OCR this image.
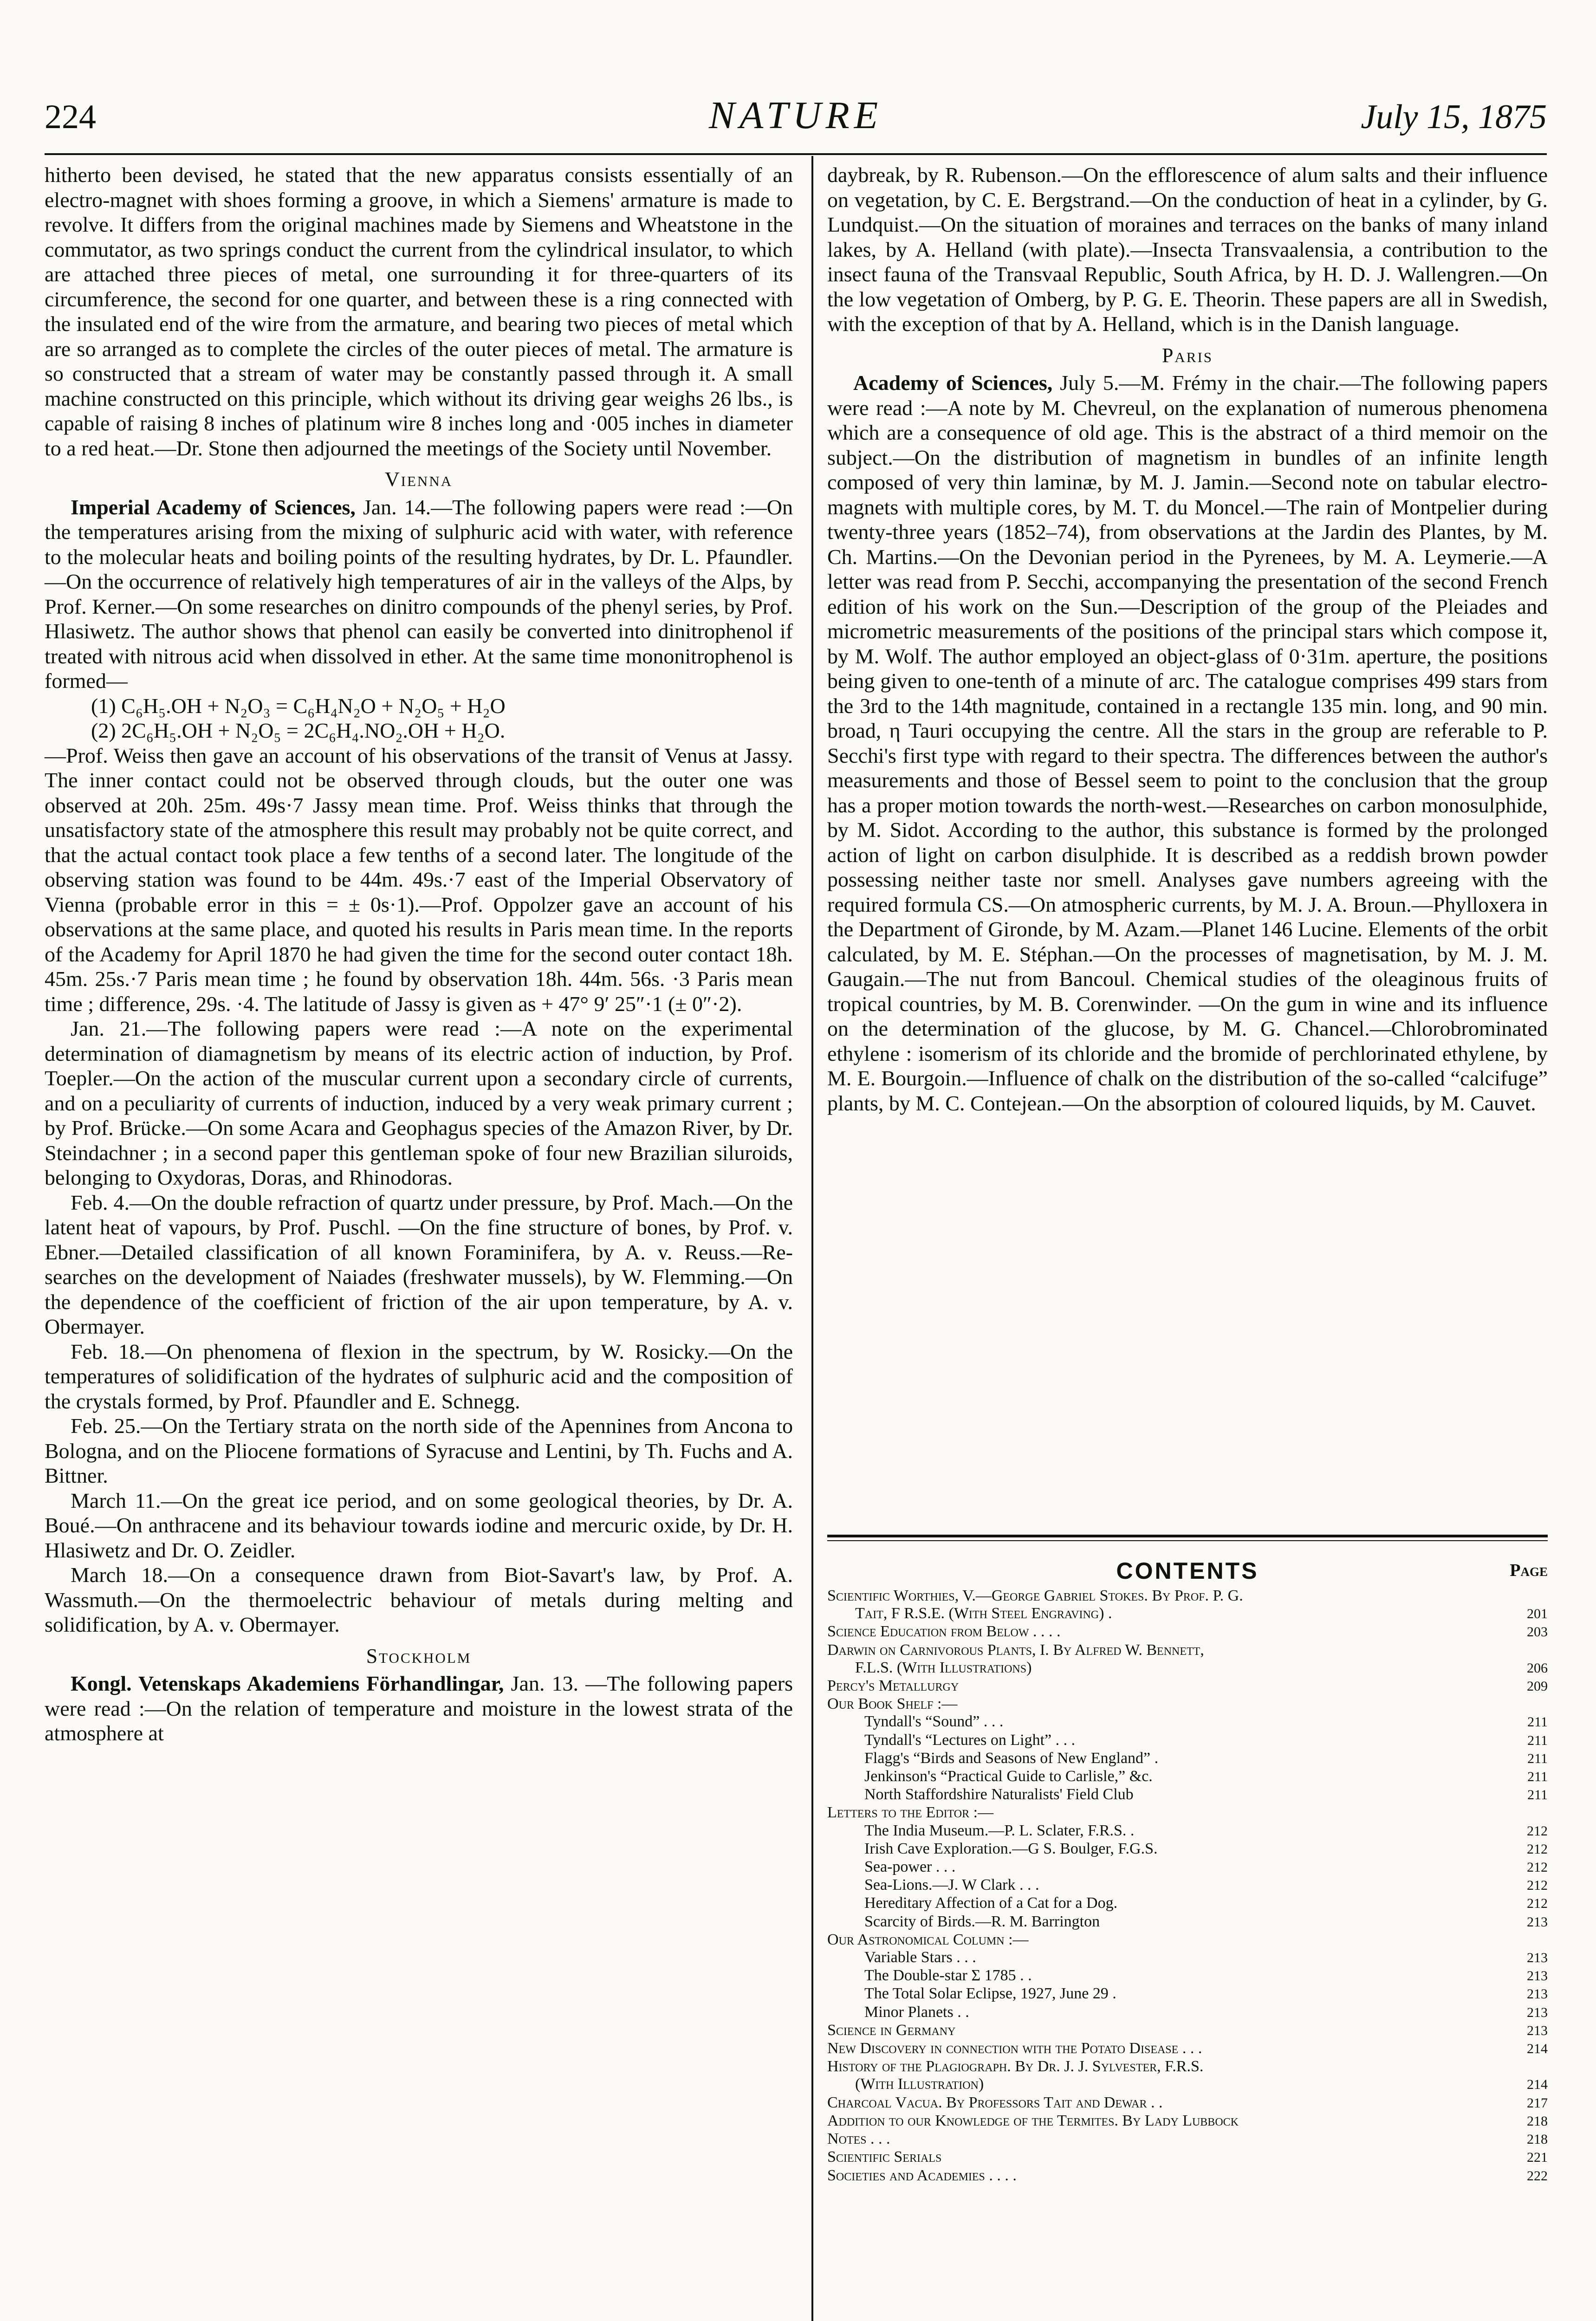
224	NATURE	July 15, 1875

hitherto been devised, he stated that the new apparatus consists essentially of an electro-magnet with shoes forming a groove, in which a Siemens' armature is made to revolve. It differs from the original machines made by Siemens and Wheatstone in the commutator, as two springs conduct the current from the cylindrical insulator, to which are attached three pieces of metal, one surrounding it for three-quarters of its circumference, the second for one quarter, and between these is a ring connected with the insulated end of the wire from the armature, and bearing two pieces of metal which are so arranged as to complete the circles of the outer pieces of metal. The armature is so constructed that a stream of water may be constantly passed through it. A small machine constructed on this principle, which without its driving gear weighs 26 lbs., is capable of raising 8 inches of platinum wire 8 inches long and ·005 inches in diameter to a red heat.—Dr. Stone then adjourned the meetings of the Society until November.

Vienna

Imperial Academy of Sciences, Jan. 14.—The following papers were read :—On the temperatures arising from the mixing of sulphuric acid with water, with reference to the molecular heats and boiling points of the resulting hydrates, by Dr. L. Pfaundler.—On the occurrence of relatively high temperatures of air in the valleys of the Alps, by Prof. Kerner.—On some researches on dinitro compounds of the phenyl series, by Prof. Hlasiwetz. The author shows that phenol can easily be converted into dinitrophenol if treated with nitrous acid when dissolved in ether. At the same time mononitrophenol is formed—

(1) C₆H₅.OH + N₂O₃ = C₆H₄N₂O + N₂O₅ + H₂O

(2) 2C₆H₅.OH + N₂O₅ = 2C₆H₄.NO₂.OH + H₂O.

—Prof. Weiss then gave an account of his observations of the transit of Venus at Jassy. The inner contact could not be observed through clouds, but the outer one was observed at 20h. 25m. 49s·7 Jassy mean time. Prof. Weiss thinks that through the unsatisfactory state of the atmosphere this result may probably not be quite correct, and that the actual contact took place a few tenths of a second later. The longitude of the observing station was found to be 44m. 49s.·7 east of the Imperial Observatory of Vienna (probable error in this = ± 0s·1).—Prof. Oppolzer gave an account of his observations at the same place, and quoted his results in Paris mean time. In the reports of the Academy for April 1870 he had given the time for the second outer contact 18h. 45m. 25s.·7 Paris mean time ; he found by observation 18h. 44m. 56s. ·3 Paris mean time ; difference, 29s. ·4. The latitude of Jassy is given as + 47° 9′ 25″·1 (± 0″·2).

Jan. 21.—The following papers were read :—A note on the experimental determination of diamagnetism by means of its electric action of induction, by Prof. Toepler.—On the action of the muscular current upon a secondary circle of currents, and on a peculiarity of currents of induction, induced by a very weak primary current ; by Prof. Brücke.—On some Acara and Geophagus species of the Amazon River, by Dr. Steindachner ; in a second paper this gentleman spoke of four new Brazilian siluroids, belonging to Oxydoras, Doras, and Rhinodoras.

Feb. 4.—On the double refraction of quartz under pressure, by Prof. Mach.—On the latent heat of vapours, by Prof. Puschl. —On the fine structure of bones, by Prof. v. Ebner.—Detailed classification of all known Foraminifera, by A. v. Reuss.—Researches on the development of Naiades (freshwater mussels), by W. Flemming.—On the dependence of the coefficient of friction of the air upon temperature, by A. v. Obermayer.

Feb. 18.—On phenomena of flexion in the spectrum, by W. Rosicky.—On the temperatures of solidification of the hydrates of sulphuric acid and the composition of the crystals formed, by Prof. Pfaundler and E. Schnegg.

Feb. 25.—On the Tertiary strata on the north side of the Apennines from Ancona to Bologna, and on the Pliocene formations of Syracuse and Lentini, by Th. Fuchs and A. Bittner.

March 11.—On the great ice period, and on some geological theories, by Dr. A. Boué.—On anthracene and its behaviour towards iodine and mercuric oxide, by Dr. H. Hlasiwetz and Dr. O. Zeidler.

March 18.—On a consequence drawn from Biot-Savart's law, by Prof. A. Wassmuth.—On the thermoelectric behaviour of metals during melting and solidification, by A. v. Obermayer.

Stockholm

Kongl. Vetenskaps Akademiens Förhandlingar, Jan. 13. —The following papers were read :—On the relation of temperature and moisture in the lowest strata of the atmosphere at

daybreak, by R. Rubenson.—On the efflorescence of alum salts and their influence on vegetation, by C. E. Bergstrand.—On the conduction of heat in a cylinder, by G. Lundquist.—On the situation of moraines and terraces on the banks of many inland lakes, by A. Helland (with plate).—Insecta Transvaalensia, a contribution to the insect fauna of the Transvaal Republic, South Africa, by H. D. J. Wallengren.—On the low vegetation of Omberg, by P. G. E. Theorin. These papers are all in Swedish, with the exception of that by A. Helland, which is in the Danish language.

Paris

Academy of Sciences, July 5.—M. Frémy in the chair.—The following papers were read :—A note by M. Chevreul, on the explanation of numerous phenomena which are a consequence of old age. This is the abstract of a third memoir on the subject.—On the distribution of magnetism in bundles of an infinite length composed of very thin laminæ, by M. J. Jamin.—Second note on tabular electro-magnets with multiple cores, by M. T. du Moncel.—The rain of Montpelier during twenty-three years (1852–74), from observations at the Jardin des Plantes, by M. Ch. Martins.—On the Devonian period in the Pyrenees, by M. A. Leymerie.—A letter was read from P. Secchi, accompanying the presentation of the second French edition of his work on the Sun.—Description of the group of the Pleiades and micrometric measurements of the positions of the principal stars which compose it, by M. Wolf. The author employed an object-glass of 0·31m. aperture, the positions being given to one-tenth of a minute of arc. The catalogue comprises 499 stars from the 3rd to the 14th magnitude, contained in a rectangle 135 min. long, and 90 min. broad, η Tauri occupying the centre. All the stars in the group are referable to P. Secchi's first type with regard to their spectra. The differences between the author's measurements and those of Bessel seem to point to the conclusion that the group has a proper motion towards the north-west.—Researches on carbon monosulphide, by M. Sidot. According to the author, this substance is formed by the prolonged action of light on carbon disulphide. It is described as a reddish brown powder possessing neither taste nor smell. Analyses gave numbers agreeing with the required formula CS.—On atmospheric currents, by M. J. A. Broun.—Phylloxera in the Department of Gironde, by M. Azam.—Planet 146 Lucine. Elements of the orbit calculated, by M. E. Stéphan.—On the processes of magnetisation, by M. J. M. Gaugain.—The nut from Bancoul. Chemical studies of the oleaginous fruits of tropical countries, by M. B. Corenwinder. —On the gum in wine and its influence on the determination of the glucose, by M. G. Chancel.—Chlorobrominated ethylene : isomerism of its chloride and the bromide of perchlorinated ethylene, by M. E. Bourgoin.—Influence of chalk on the distribution of the so-called “calcifuge” plants, by M. C. Contejean.—On the absorption of coloured liquids, by M. Cauvet.

CONTENTS	Page
Scientific Worthies, V.—George Gabriel Stokes. By Prof. P. G.
Tait, F R.S.E. (With Steel Engraving) .	201
Science Education from Below . . . .	203
Darwin on Carnivorous Plants, I. By Alfred W. Bennett,
F.L.S. (With Illustrations)	206
Percy's Metallurgy	209
Our Book Shelf :—
Tyndall's “Sound” . . .	211
Tyndall's “Lectures on Light” . . .	211
Flagg's “Birds and Seasons of New England” .	211
Jenkinson's “Practical Guide to Carlisle,” &c.	211
North Staffordshire Naturalists' Field Club	211
Letters to the Editor :—
The India Museum.—P. L. Sclater, F.R.S. .	212
Irish Cave Exploration.—G S. Boulger, F.G.S.	212
Sea-power . . .	212
Sea-Lions.—J. W Clark . . .	212
Hereditary Affection of a Cat for a Dog.	212
Scarcity of Birds.—R. M. Barrington	213
Our Astronomical Column :—
Variable Stars . . .	213
The Double-star Σ 1785 . .	213
The Total Solar Eclipse, 1927, June 29 .	213
Minor Planets . .	213
Science in Germany	213
New Discovery in connection with the Potato Disease . . .	214
History of the Plagiograph. By Dr. J. J. Sylvester, F.R.S.
(With Illustration)	214
Charcoal Vacua. By Professors Tait and Dewar . .	217
Addition to our Knowledge of the Termites. By Lady Lubbock	218
Notes . . .	218
Scientific Serials	221
Societies and Academies . . . .	222
